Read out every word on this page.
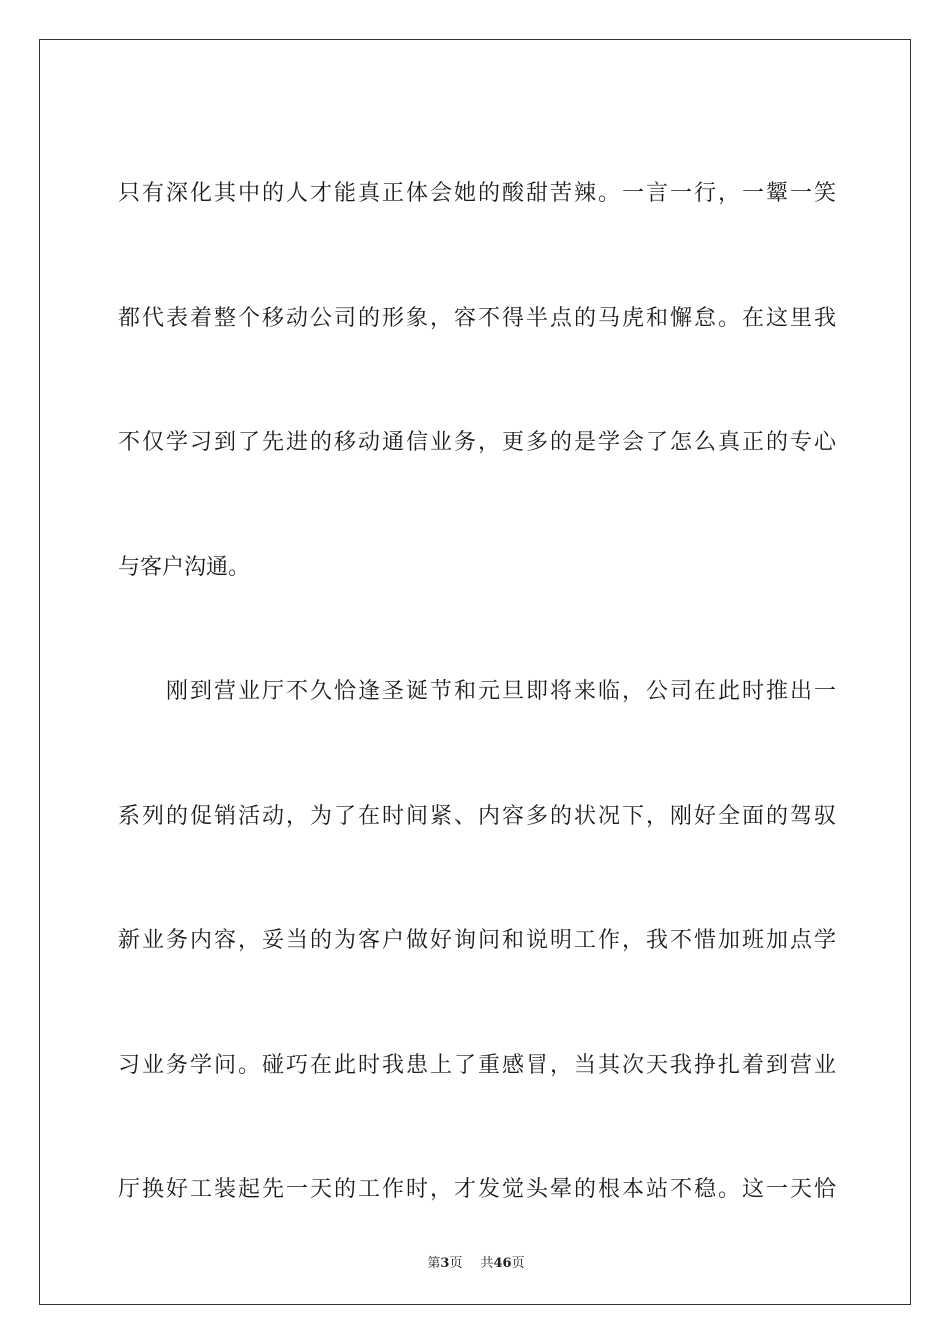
只有深化其中的人才能真正体会她的酸甜苦辣。一言一行，一颦一笑
都代表着整个移动公司的形象，容不得半点的马虎和懈怠。在这里我
不仅学习到了先进的移动通信业务，更多的是学会了怎么真正的专心
与客户沟通。
　　刚到营业厅不久恰逢圣诞节和元旦即将来临，公司在此时推出一
系列的促销活动，为了在时间紧、内容多的状况下，刚好全面的驾驭
新业务内容，妥当的为客户做好询问和说明工作，我不惜加班加点学
习业务学问。碰巧在此时我患上了重感冒，当其次天我挣扎着到营业
厅换好工装起先一天的工作时，才发觉头晕的根本站不稳。这一天恰
第3页 共46页
